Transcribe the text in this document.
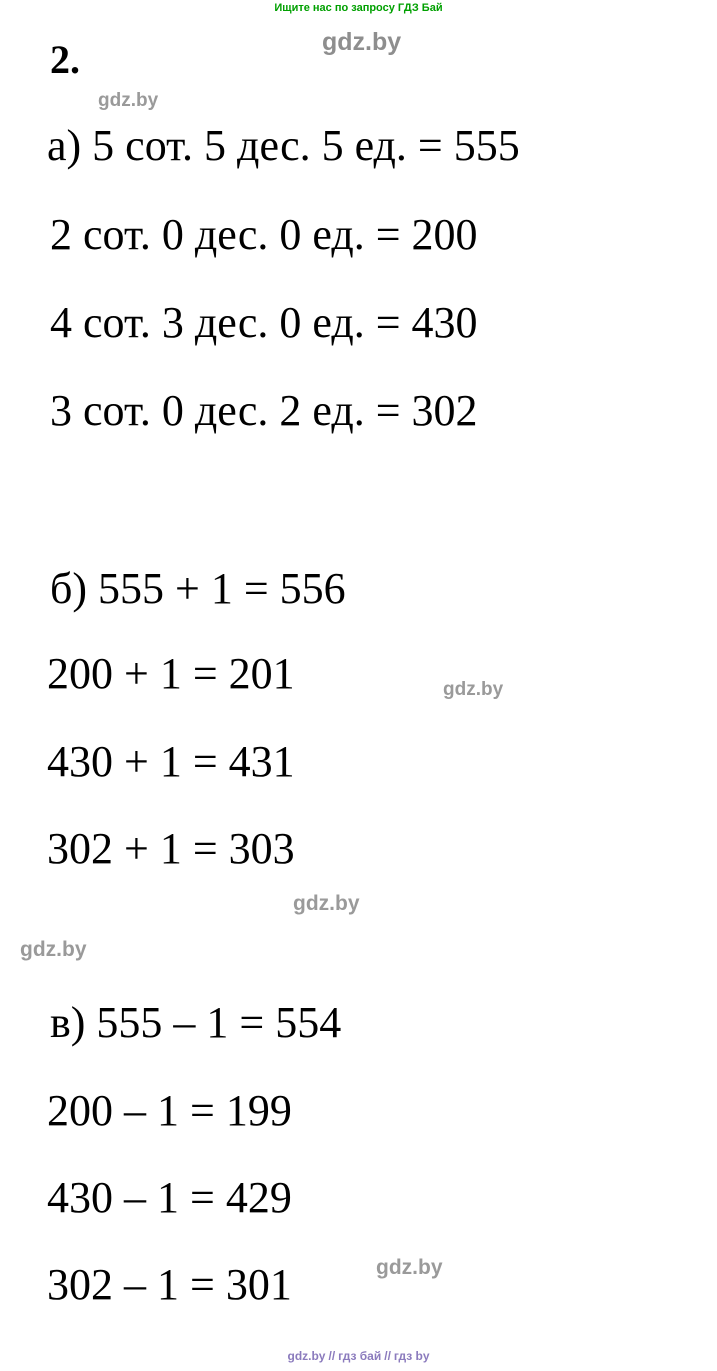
Ищите нас по запросу ГДЗ Бай
gdz.by
2.
gdz.by
а) 5 сот. 5 дес. 5 ед. = 555
2 сот. 0 дес. 0 ед. = 200
4 сот. 3 дес. 0 ед. = 430
3 сот. 0 дес. 2 ед. = 302
б) 555 + 1 = 556
200 + 1 = 201
430 + 1 = 431
302 + 1 = 303
gdz.by
gdz.by
gdz.by
в) 555 – 1 = 554
200 – 1 = 199
430 – 1 = 429
302 – 1 = 301	gdz.by
gdz.by // гдз бай // гдз by
